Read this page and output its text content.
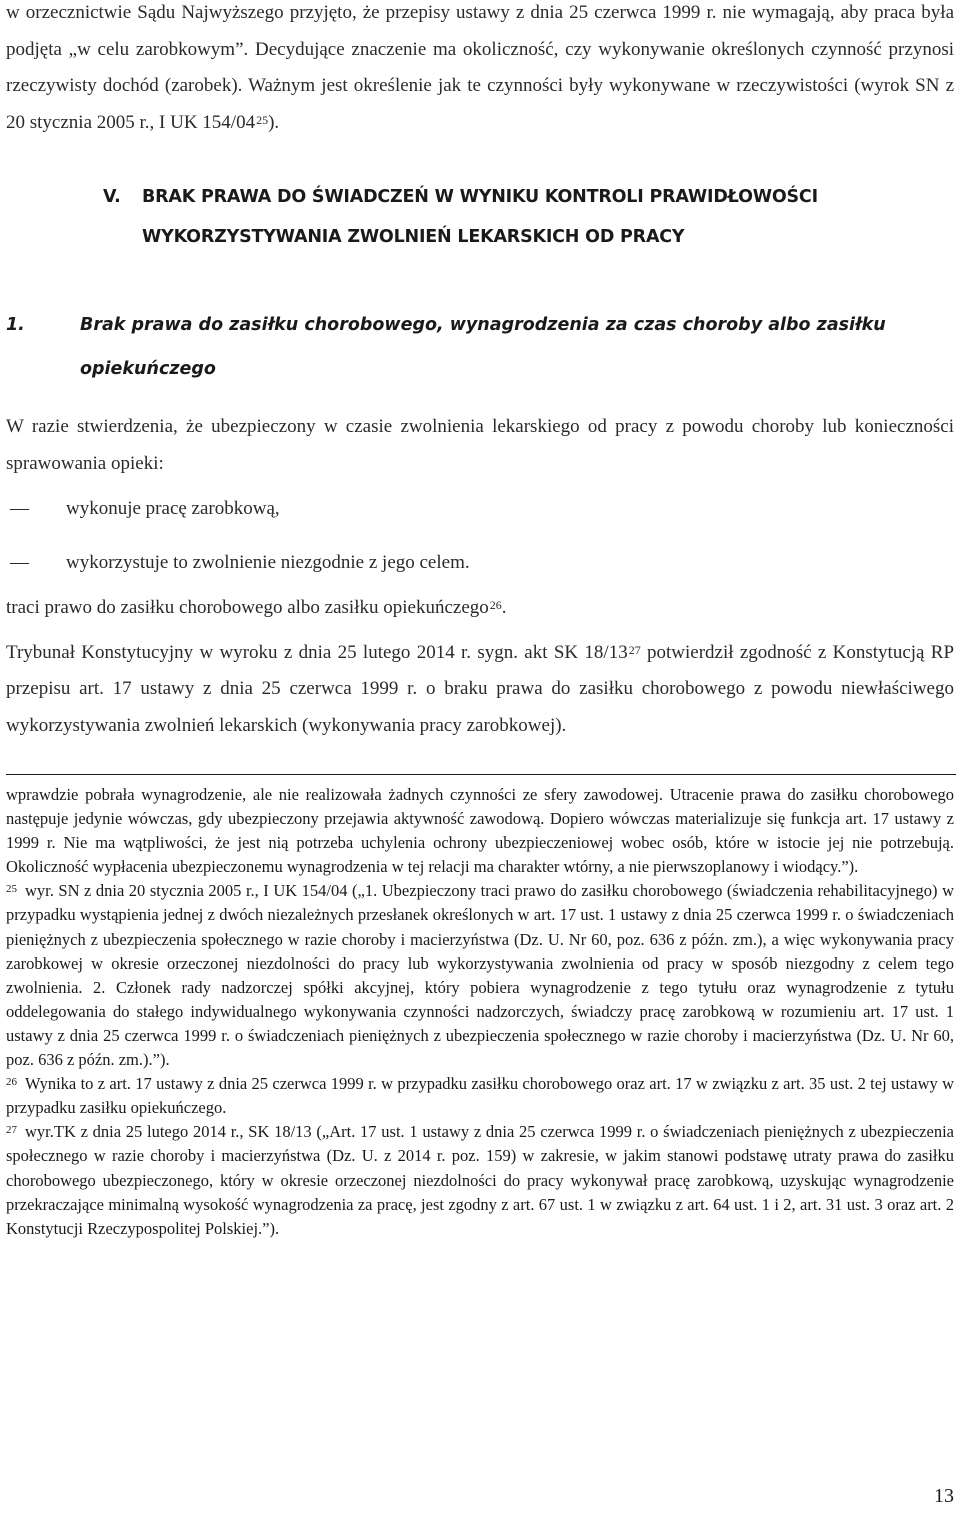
w orzecznictwie Sądu Najwyższego przyjęto, że przepisy ustawy z dnia 25 czerwca 1999 r. nie wymagają, aby praca była podjęta „w celu zarobkowym”. Decydujące znaczenie ma okoliczność, czy wykonywanie określonych czynność przynosi rzeczywisty dochód (zarobek). Ważnym jest określenie jak te czynności były wykonywane w rzeczywistości (wyrok SN z 20 stycznia 2005 r., I UK 154/04$^{25}$).

V. BRAK PRAWA DO ŚWIADCZEŃ W WYNIKU KONTROLI PRAWIDŁOWOŚCI
WYKORZYSTYWANIA ZWOLNIEŃ LEKARSKICH OD PRACY
1.	Brak prawa do zasiłku chorobowego, wynagrodzenia za czas choroby albo zasiłku
opiekuńczego

W razie stwierdzenia, że ubezpieczony w czasie zwolnienia lekarskiego od pracy z powodu choroby lub konieczności sprawowania opieki:

— wykonuje pracę zarobkową,
— wykorzystuje to zwolnienie niezgodnie z jego celem.

traci prawo do zasiłku chorobowego albo zasiłku opiekuńczego$^{26}$.

Trybunał Konstytucyjny w wyroku z dnia 25 lutego 2014 r. sygn. akt SK 18/13$^{27}$ potwierdził zgodność z Konstytucją RP przepisu art. 17 ustawy z dnia 25 czerwca 1999 r. o braku prawa do zasiłku chorobowego z powodu niewłaściwego wykorzystywania zwolnień lekarskich (wykonywania pracy zarobkowej).

wprawdzie pobrała wynagrodzenie, ale nie realizowała żadnych czynności ze sfery zawodowej. Utracenie prawa do zasiłku chorobowego następuje jedynie wówczas, gdy ubezpieczony przejawia aktywność zawodową. Dopiero wówczas materializuje się funkcja art. 17 ustawy z 1999 r. Nie ma wątpliwości, że jest nią potrzeba uchylenia ochrony ubezpieczeniowej wobec osób, które w istocie jej nie potrzebują. Okoliczność wypłacenia ubezpieczonemu wynagrodzenia w tej relacji ma charakter wtórny, a nie pierwszoplanowy i wiodący.”).

$^{25}$ wyr. SN z dnia 20 stycznia 2005 r., I UK 154/04 („1. Ubezpieczony traci prawo do zasiłku chorobowego (świadczenia rehabilitacyjnego) w przypadku wystąpienia jednej z dwóch niezależnych przesłanek określonych w art. 17 ust. 1 ustawy z dnia 25 czerwca 1999 r. o świadczeniach pieniężnych z ubezpieczenia społecznego w razie choroby i macierzyństwa (Dz. U. Nr 60, poz. 636 z późn. zm.), a więc wykonywania pracy zarobkowej w okresie orzeczonej niezdolności do pracy lub wykorzystywania zwolnienia od pracy w sposób niezgodny z celem tego zwolnienia. 2. Członek rady nadzorczej spółki akcyjnej, który pobiera wynagrodzenie z tego tytułu oraz wynagrodzenie z tytułu oddelegowania do stałego indywidualnego wykonywania czynności nadzorczych, świadczy pracę zarobkową w rozumieniu art. 17 ust. 1 ustawy z dnia 25 czerwca 1999 r. o świadczeniach pieniężnych z ubezpieczenia społecznego w razie choroby i macierzyństwa (Dz. U. Nr 60, poz. 636 z późn. zm.).”).

$^{26}$ Wynika to z art. 17 ustawy z dnia 25 czerwca 1999 r. w przypadku zasiłku chorobowego oraz art. 17 w związku z art. 35 ust. 2 tej ustawy w przypadku zasiłku opiekuńczego.

$^{27}$ wyr.TK z dnia 25 lutego 2014 r., SK 18/13 („Art. 17 ust. 1 ustawy z dnia 25 czerwca 1999 r. o świadczeniach pieniężnych z ubezpieczenia społecznego w razie choroby i macierzyństwa (Dz. U. z 2014 r. poz. 159) w zakresie, w jakim stanowi podstawę utraty prawa do zasiłku chorobowego ubezpieczonego, który w okresie orzeczonej niezdolności do pracy wykonywał pracę zarobkową, uzyskując wynagrodzenie przekraczające minimalną wysokość wynagrodzenia za pracę, jest zgodny z art. 67 ust. 1 w związku z art. 64 ust. 1 i 2, art. 31 ust. 3 oraz art. 2 Konstytucji Rzeczypospolitej Polskiej.”).

13
